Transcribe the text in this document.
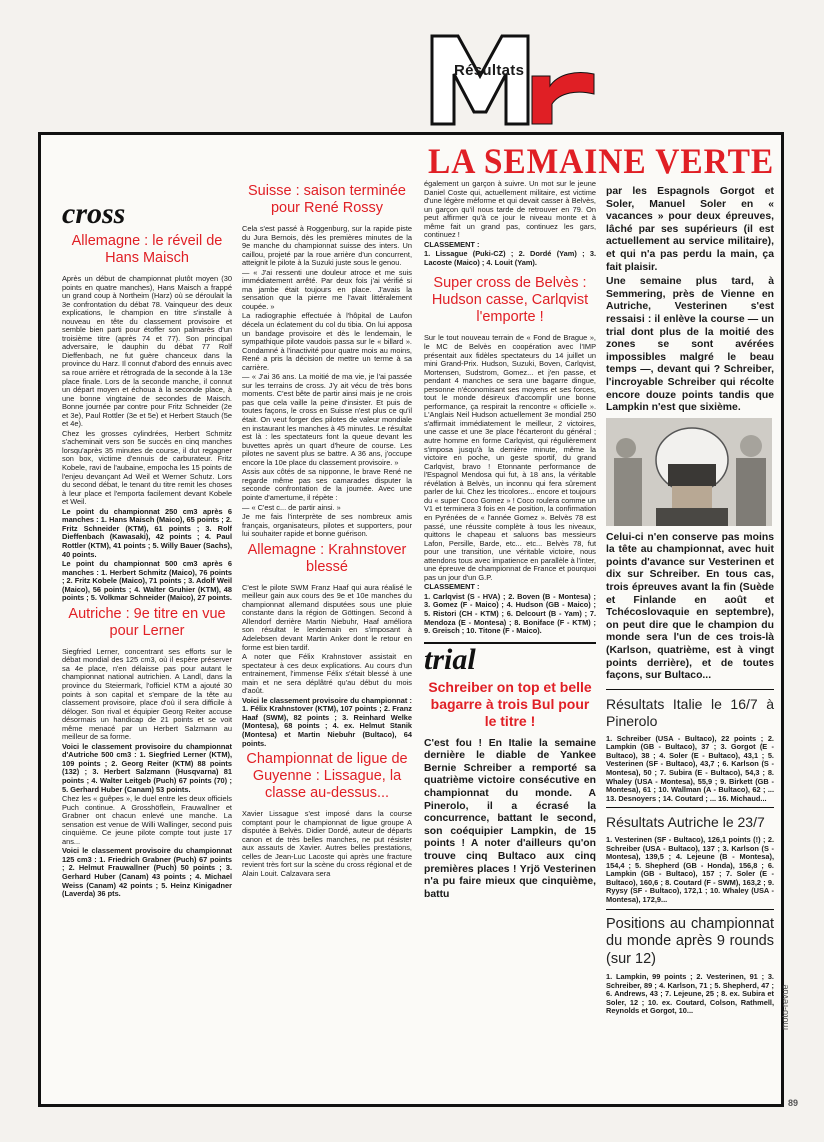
Résultats
LA SEMAINE VERTE
cross
Allemagne : le réveil de Hans Maisch

Après un début de championnat plutôt moyen (30 points en quatre manches), Hans Maisch a frappé un grand coup à Northeim (Harz) où se déroulait la 3e confrontation du débat 78. Vainqueur des deux explications, le champion en titre s'installe à nouveau en tête du classement provisoire et semble bien parti pour étoffer son palmarès d'un troisième titre (après 74 et 77). Son principal adversaire, le dauphin du débat 77 Rolf Dieffenbach, ne fut guère chanceux dans la province du Harz. Il connut d'abord des ennuis avec sa roue arrière et rétrograda de la seconde à la 13e place finale. Lors de la seconde manche, il connut un départ moyen et échoua à la seconde place, à une bonne vingtaine de secondes de Maisch. Bonne journée par contre pour Fritz Schneider (2e et 3e), Paul Rottler (3e et 5e) et Herbert Stauch (5e et 4e).

Chez les grosses cylindrées, Herbert Schmitz s'acheminait vers son 5e succès en cinq manches lorsqu'après 35 minutes de course, il dut regagner son box, victime d'ennuis de carburateur. Fritz Kobele, ravi de l'aubaine, empocha les 15 points de l'enjeu devançant Ad Weil et Werner Schutz. Lors du second débat, le tenant du titre remit les choses à leur place et l'emporta facilement devant Kobele et Weil.

Le point du championnat 250 cm3 après 6 manches : 1. Hans Maisch (Maico), 65 points ; 2. Fritz Schneider (KTM), 61 points ; 3. Rolf Dieffenbach (Kawasaki), 42 points ; 4. Paul Rottler (KTM), 41 points ; 5. Willy Bauer (Sachs), 40 points.

Le point du championnat 500 cm3 après 6 manches : 1. Herbert Schmitz (Maico), 76 points ; 2. Fritz Kobele (Maico), 71 points ; 3. Adolf Weil (Maico), 56 points ; 4. Walter Gruhier (KTM), 48 points ; 5. Volkmar Schneider (Maico), 27 points.

Autriche : 9e titre en vue pour Lerner

Siegfried Lerner, concentrant ses efforts sur le débat mondial des 125 cm3, où il espère préserver sa 4e place, n'en délaisse pas pour autant le championnat national autrichien. A Landl, dans la province du Steiermark, l'officiel KTM a ajouté 30 points à son capital et s'empare de la tête au classement provisoire, place d'où il sera difficile à déloger. Son rival et équipier Georg Reiter accuse désormais un handicap de 21 points et se voit même menacé par un Herbert Salzmann au meilleur de sa forme.

Voici le classement provisoire du championnat d'Autriche 500 cm3 : 1. Siegfried Lerner (KTM), 109 points ; 2. Georg Reiter (KTM) 88 points (132) ; 3. Herbert Salzmann (Husqvarna) 81 points ; 4. Walter Leitgeb (Puch) 67 points (70) ; 5. Gerhard Huber (Canam) 53 points.

Chez les « guêpes », le duel entre les deux officiels Puch continue. A Grosshöflein, Frauwallner et Grabner ont chacun enlevé une manche. La sensation est venue de Willi Wallinger, second puis cinquième. Ce jeune pilote compte tout juste 17 ans...

Voici le classement provisoire du championnat 125 cm3 : 1. Friedrich Grabner (Puch) 67 points ; 2. Helmut Frauwallner (Puch) 50 points ; 3. Gerhard Huber (Canam) 43 points ; 4. Michael Weiss (Canam) 42 points ; 5. Heinz Kinigadner (Laverda) 36 pts.

Suisse : saison terminée pour René Rossy

Cela s'est passé à Roggenburg, sur la rapide piste du Jura Bernois, dès les premières minutes de la 9e manche du championnat suisse des inters. Un caillou, projeté par la roue arrière d'un concurrent, atteignit le pilote à la Suzuki juste sous le genou.

— « J'ai ressenti une douleur atroce et me suis immédiatement arrêté. Par deux fois j'ai vérifié si ma jambe était toujours en place. J'avais la sensation que la pierre me l'avait littéralement coupée. »

La radiographie effectuée à l'hôpital de Laufon décela un éclatement du col du tibia. On lui apposa un bandage provisoire et dès le lendemain, le sympathique pilote vaudois passa sur le « billard ». Condamné à l'inactivité pour quatre mois au moins, René a pris la décision de mettre un terme à sa carrière.

— « J'ai 36 ans. La moitié de ma vie, je l'ai passée sur les terrains de cross. J'y ait vécu de très bons moments. C'est bête de partir ainsi mais je ne crois pas que cela vaille la peine d'insister. Et puis de toutes façons, le cross en Suisse n'est plus ce qu'il était. On veut forger des pilotes de valeur mondiale en instaurant les manches à 45 minutes. Le résultat est là : les spectateurs font la queue devant les buvettes après un quart d'heure de course. Les pilotes ne savent plus se battre. A 36 ans, j'occupe encore la 10e place du classement provisoire. »

Assis aux côtés de sa nipponne, le brave René ne regarde même pas ses camarades disputer la seconde confrontation de la journée. Avec une pointe d'amertume, il répète :

— « C'est c... de partir ainsi. »

Je me fais l'interprète de ses nombreux amis français, organisateurs, pilotes et supporters, pour lui souhaiter rapide et bonne guérison.

Allemagne : Krahnstover blessé

C'est le pilote SWM Franz Haaf qui aura réalisé le meilleur gain aux cours des 9e et 10e manches du championnat allemand disputées sous une pluie constante dans la région de Göttingen. Second à Allendorf derrière Martin Niebuhr, Haaf améliora son résultat le lendemain en s'imposant à Adelebsen devant Martin Anker dont le retour en forme est bien tardif.

A noter que Félix Krahnstover assistait en spectateur à ces deux explications. Au cours d'un entrainement, l'immense Félix s'était blessé à une main et ne sera déplâtré qu'au début du mois d'août.

Voici le classement provisoire du championnat : 1. Félix Krahnstover (KTM), 107 points ; 2. Franz Haaf (SWM), 82 points ; 3. Reinhard Welke (Montesa), 68 points ; 4. ex. Helmut Stanik (Montesa) et Martin Niebuhr (Bultaco), 64 points.

Championnat de ligue de Guyenne : Lissague, la classe au-dessus...

Xavier Lissague s'est imposé dans la course comptant pour le championnat de ligue groupe A disputée à Belvès. Didier Dordé, auteur de départs canon et de très belles manches, ne put résister aux assauts de Xavier. Autres belles prestations, celles de Jean-Luc Lacoste qui après une fracture revient très fort sur la scène du cross régional et de Alain Louit. Calzavara sera

également un garçon à suivre. Un mot sur le jeune Daniel Coste qui, actuellement militaire, est victime d'une légère méforme et qui devait casser à Belvès, un garçon qu'il nous tarde de retrouver en 79. On peut affirmer qu'à ce jour le niveau monte et à même fait un grand pas, continuez les gars, continuez !

CLASSEMENT :

1. Lissague (Puki-CZ) ; 2. Dordé (Yam) ; 3. Lacoste (Maico) ; 4. Louit (Yam).

Super cross de Belvès : Hudson casse, Carlqvist l'emporte !

Sur le tout nouveau terrain de « Fond de Brague », le MC de Belvès en coopération avec l'IMP présentait aux fidèles spectateurs du 14 juillet un mini Grand-Prix. Hudson, Suzuki, Boven, Carlqvist, Mortensen, Sudstrom, Gomez... et j'en passe, et pendant 4 manches ce sera une bagarre dingue, personne n'économisant ses moyens et ses forces, tout le monde désireux d'accomplir une bonne performance, ça respirait la rencontre « officielle ». L'Anglais Neil Hudson actuellement 3e mondial 250 s'affirmait immédiatement le meilleur, 2 victoires, une casse et une 3e place l'écarteront du général ; autre homme en forme Carlqvist, qui régulièrement s'imposa jusqu'à la dernière minute, même la victoire en poche, un geste sportif, du grand Carlqvist, bravo ! Etonnante performance de l'Espagnol Mendosa qui fut, à 18 ans, la véritable révélation à Belvès, un inconnu qui fera sûrement parler de lui. Chez les tricolores... encore et toujours du « super Coco Gomez » ! Coco roulera comme un V1 et terminera 3 fois en 4e position, la confirmation en Pyrénées de « l'année Gomez ». Belvès 78 est passé, une réussite complète à tous les niveaux, quittons le chapeau et saluons bas messieurs Lafon, Persille, Barde, etc... etc... Belvès 78, fut pour une transition, une véritable victoire, nous attendons tous avec impatience en parallèle à l'inter, une épreuve de championnat de France et pourquoi pas un jour d'un G.P.

CLASSEMENT :

1. Carlqvist (S - HVA) ; 2. Boven (B - Montesa) ; 3. Gomez (F - Maico) ; 4. Hudson (GB - Maico) ; 5. Ristori (CH - KTM) ; 6. Delcourt (B - Yam) ; 7. Mendoza (E - Montesa) ; 8. Boniface (F - KTM) ; 9. Greisch ; 10. Titone (F - Maico).

trial
Schreiber on top et belle bagarre à trois Bul pour le titre !

C'est fou ! En Italie la semaine dernière le diable de Yankee Bernie Schreiber a remporté sa quatrième victoire consécutive en championnat du monde. A Pinerolo, il a écrasé la concurrence, battant le second, son coéquipier Lampkin, de 15 points ! A noter d'ailleurs qu'on trouve cinq Bultaco aux cinq premières places ! Yrjö Vesterinen n'a pu faire mieux que cinquième, battu

par les Espagnols Gorgot et Soler, Manuel Soler en « vacances » pour deux épreuves, lâché par ses supérieurs (il est actuellement au service militaire), et qui n'a pas perdu la main, ça fait plaisir.

Une semaine plus tard, à Semmering, près de Vienne en Autriche, Vesterinen s'est ressaisi : il enlève la course — un trial dont plus de la moitié des zones se sont avérées impossibles malgré le beau temps —, devant qui ? Schreiber, l'incroyable Schreiber qui récolte encore douze points tandis que Lampkin n'est que sixième.

Celui-ci n'en conserve pas moins la tête au championnat, avec huit points d'avance sur Vesterinen et dix sur Schreiber. En tous cas, trois épreuves avant la fin (Suède et Finlande en août et Tchécoslovaquie en septembre), on peut dire que le champion du monde sera l'un de ces trois-là (Karlson, quatrième, est à vingt points derrière), et de toutes façons, sur Bultaco...

Résultats Italie le 16/7 à Pinerolo

1. Schreiber (USA - Bultaco), 22 points ; 2. Lampkin (GB - Bultaco), 37 ; 3. Gorgot (E - Bultaco), 38 ; 4. Soler (E - Bultaco), 43,1 ; 5. Vesterinen (SF - Bultaco), 43,7 ; 6. Karlson (S - Montesa), 50 ; 7. Subira (E - Bultaco), 54,3 ; 8. Whaley (USA - Montesa), 55,9 ; 9. Birkett (GB - Montesa), 61 ; 10. Wallman (A - Bultaco), 62 ; ... 13. Desnoyers ; 14. Coutard ; ... 16. Michaud...

Résultats Autriche le 23/7

1. Vesterinen (SF - Bultaco), 126,1 points (!) ; 2. Schreiber (USA - Bultaco), 137 ; 3. Karlson (S - Montesa), 139,5 ; 4. Lejeune (B - Montesa), 154,4 ; 5. Shepherd (GB - Honda), 156,8 ; 6. Lampkin (GB - Bultaco), 157 ; 7. Soler (E - Bultaco), 160,6 ; 8. Coutard (F - SWM), 163,2 ; 9. Ryysy (SF - Bultaco), 172,1 ; 10. Whaley (USA - Montesa), 172,9...

Positions au championnat du monde après 9 rounds (sur 12)

1. Lampkin, 99 points ; 2. Vesterinen, 91 ; 3. Schreiber, 89 ; 4. Karlson, 71 ; 5. Shepherd, 47 ; 6. Andrews, 43 ; 7. Lejeune, 25 ; 8. ex. Subira et Soler, 12 ; 10. ex. Coutard, Colson, Rathmell, Reynolds et Gorgot, 10...	moto-revue
89
